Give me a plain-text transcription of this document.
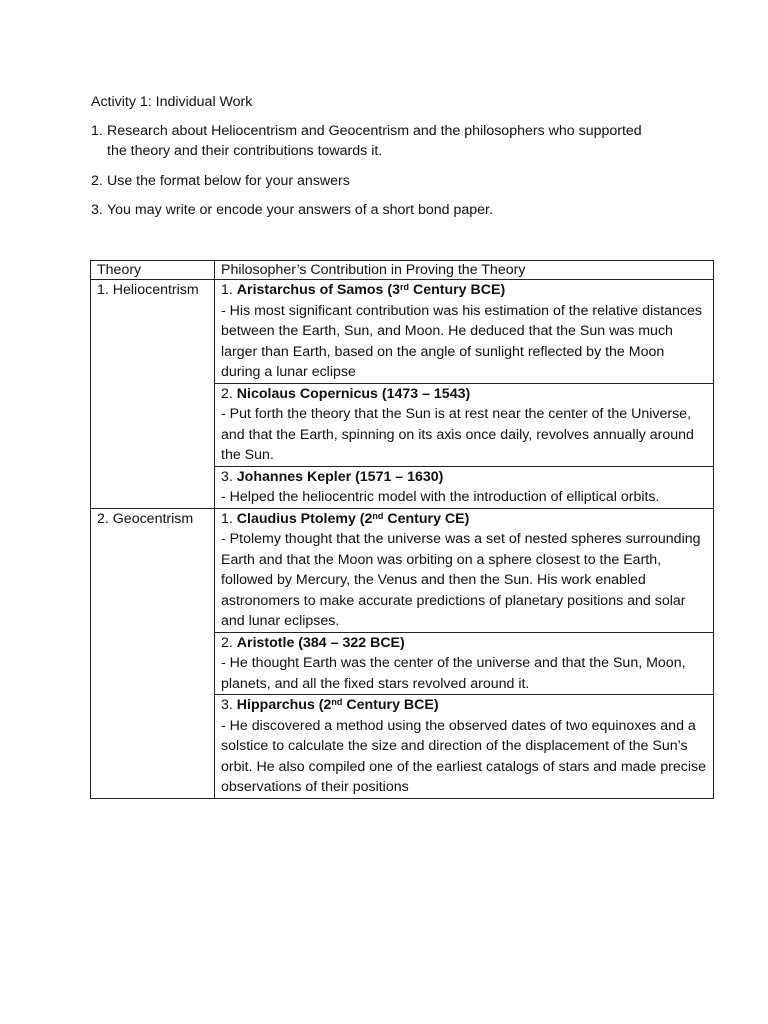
Activity 1: Individual Work
1. Research about Heliocentrism and Geocentrism and the philosophers who supported
the theory and their contributions towards it.
2. Use the format below for your answers
3. You may write or encode your answers of a short bond paper.
Theory	Philosopher’s Contribution in Proving the Theory
1. Heliocentrism	1. Aristarchus of Samos (3rd Century BCE)
- His most significant contribution was his estimation of the relative distances between the Earth, Sun, and Moon. He deduced that the Sun was much larger than Earth, based on the angle of sunlight reflected by the Moon during a lunar eclipse

	2. Nicolaus Copernicus (1473 – 1543)
- Put forth the theory that the Sun is at rest near the center of the Universe, and that the Earth, spinning on its axis once daily, revolves annually around the Sun.

	3. Johannes Kepler (1571 – 1630)
- Helped the heliocentric model with the introduction of elliptical orbits.

2. Geocentrism	1. Claudius Ptolemy (2nd Century CE)
- Ptolemy thought that the universe was a set of nested spheres surrounding Earth and that the Moon was orbiting on a sphere closest to the Earth, followed by Mercury, the Venus and then the Sun. His work enabled astronomers to make accurate predictions of planetary positions and solar and lunar eclipses.

	2. Aristotle (384 – 322 BCE)
- He thought Earth was the center of the universe and that the Sun, Moon, planets, and all the fixed stars revolved around it.

	3. Hipparchus (2nd Century BCE)
- He discovered a method using the observed dates of two equinoxes and a solstice to calculate the size and direction of the displacement of the Sun’s orbit. He also compiled one of the earliest catalogs of stars and made precise observations of their positions
